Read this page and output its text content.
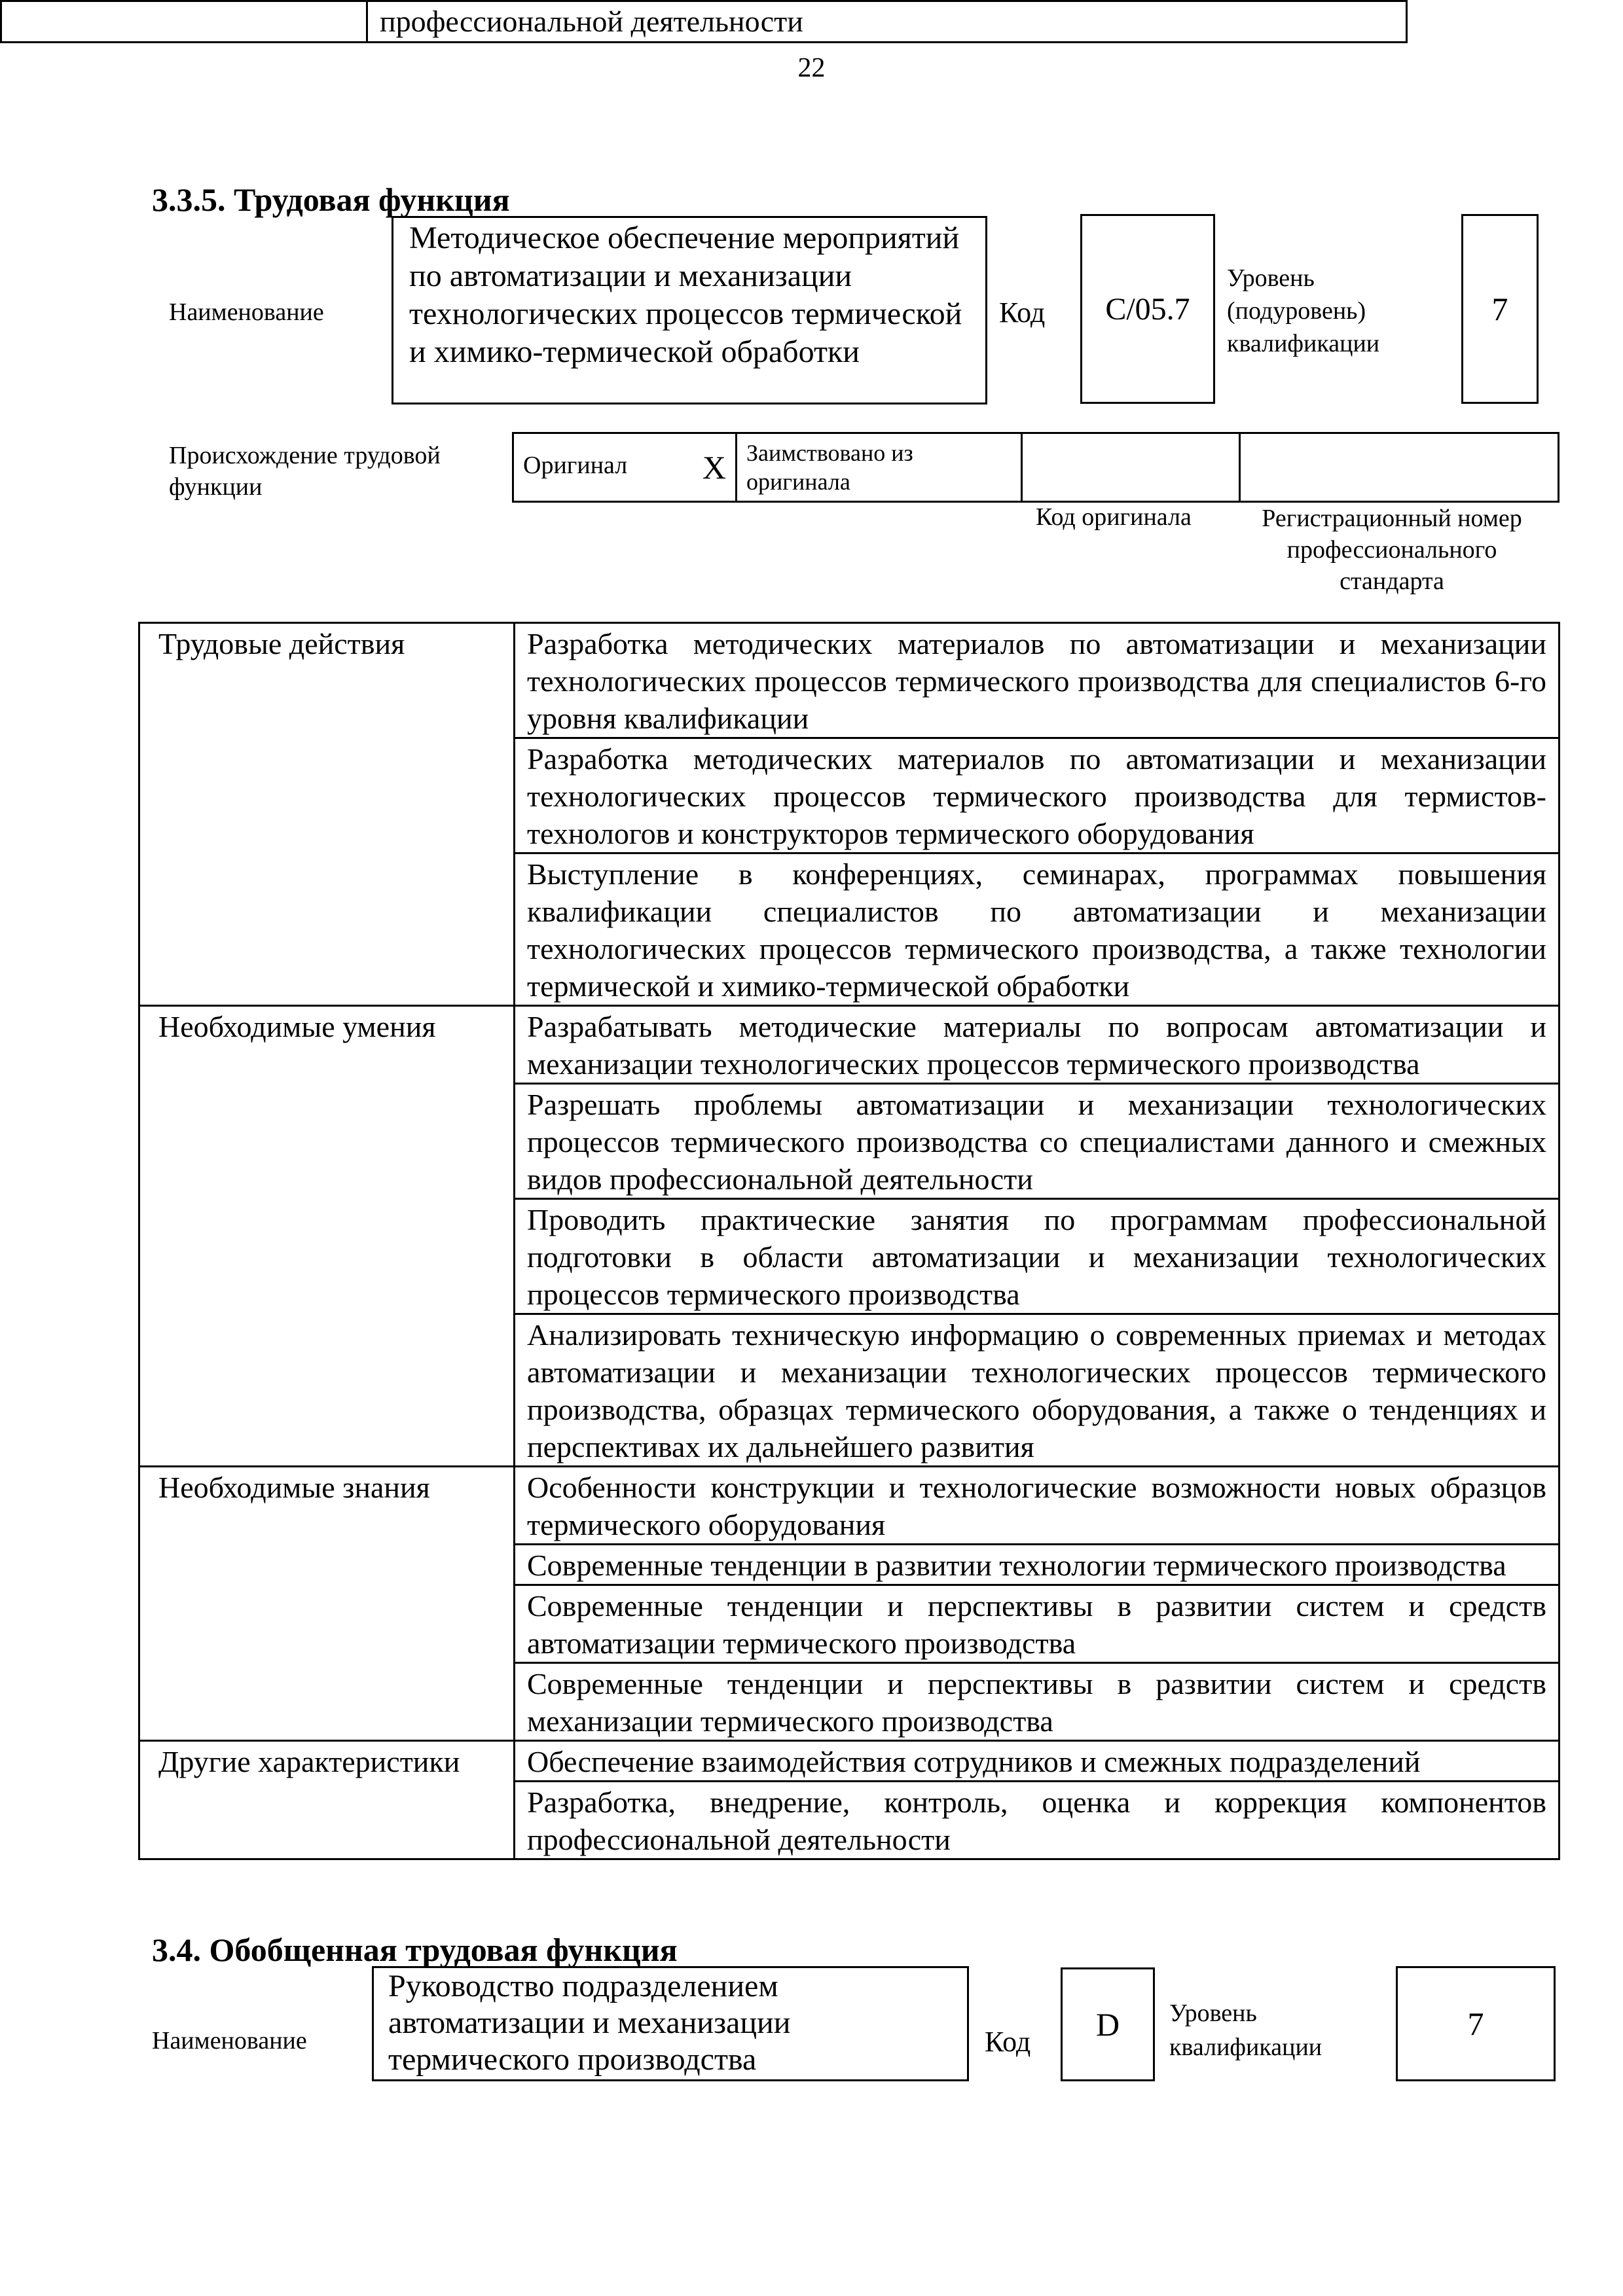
22
	профессиональной деятельности
3.3.5. Трудовая функция
Наименование
Методическое обеспечение мероприятий по автоматизации и механизации технологических процессов термической и химико-термической обработки
Код C/05.7
Уровень (подуровень) квалификации
7
Происхождение трудовой функции
Оригинал X	Заимствовано из оригинала		
Код оригинала	Регистрационный номер профессионального стандарта
Трудовые действия	Разработка методических материалов по автоматизации и механизации технологических процессов термического производства для специалистов 6-го уровня квалификации
	Разработка методических материалов по автоматизации и механизации технологических процессов термического производства для термистов-технологов и конструкторов термического оборудования
	Выступление в конференциях, семинарах, программах повышения квалификации специалистов по автоматизации и механизации технологических процессов термического производства, а также технологии термической и химико-термической обработки
Необходимые умения	Разрабатывать методические материалы по вопросам автоматизации и механизации технологических процессов термического производства
	Разрешать проблемы автоматизации и механизации технологических процессов термического производства со специалистами данного и смежных видов профессиональной деятельности
	Проводить практические занятия по программам профессиональной подготовки в области автоматизации и механизации технологических процессов термического производства
	Анализировать техническую информацию о современных приемах и методах автоматизации и механизации технологических процессов термического производства, образцах термического оборудования, а также о тенденциях и перспективах их дальнейшего развития
Необходимые знания	Особенности конструкции и технологические возможности новых образцов термического оборудования
	Современные тенденции в развитии технологии термического производства
	Современные тенденции и перспективы в развитии систем и средств автоматизации термического производства
	Современные тенденции и перспективы в развитии систем и средств механизации термического производства
Другие характеристики	Обеспечение взаимодействия сотрудников и смежных подразделений
	Разработка, внедрение, контроль, оценка и коррекция компонентов профессиональной деятельности
3.4. Обобщенная трудовая функция
Наименование
Руководство подразделением автоматизации и механизации термического производства
Код D Уровень квалификации
7
